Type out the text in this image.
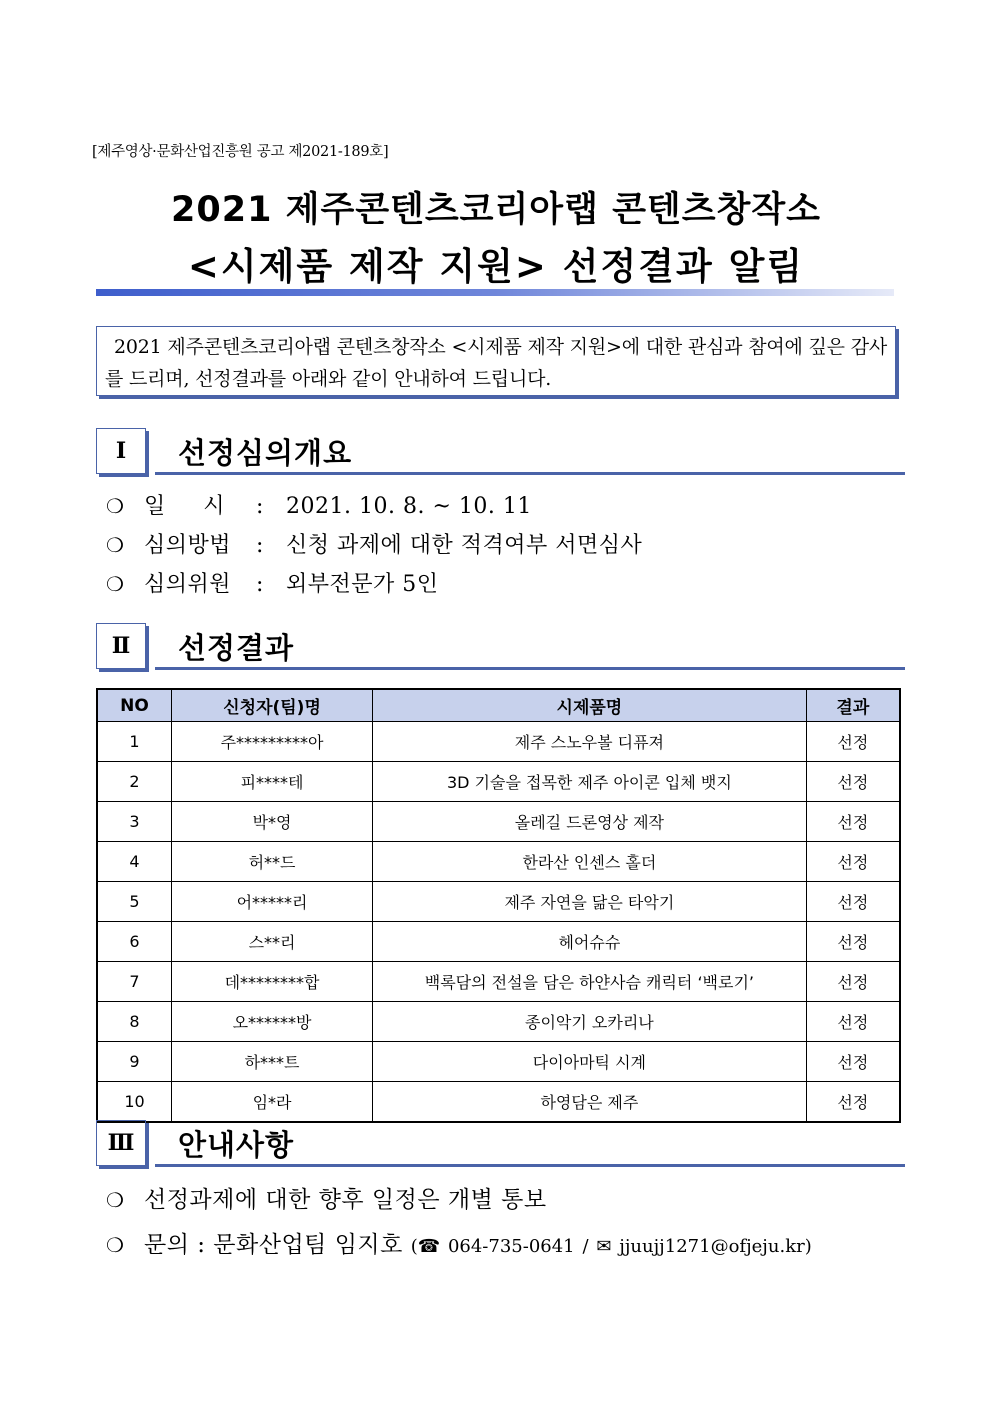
[제주영상·문화산업진흥원 공고 제2021-189호]
2021 제주콘텐츠코리아랩 콘텐츠창작소
<시제품 제작 지원> 선정결과 알림
2021 제주콘텐츠코리아랩 콘텐츠창작소 <시제품 제작 지원>에 대한 관심과 참여에 깊은 감사를 드리며, 선정결과를 아래와 같이 안내하여 드립니다.
Ⅰ	선정심의개요
❍ 일     시 : 2021. 10. 8. ~ 10. 11
❍ 심의방법 : 신청 과제에 대한 적격여부 서면심사
❍ 심의위원 : 외부전문가 5인
Ⅱ	선정결과
NO	신청자(팀)명	시제품명	결과
1	주*********아	제주 스노우볼 디퓨져	선정
2	피****테	3D 기술을 접목한 제주 아이콘 입체 뱃지	선정
3	박*영	올레길 드론영상 제작	선정
4	허**드	한라산 인센스 홀더	선정
5	어*****리	제주 자연을 닮은 타악기	선정
6	스**리	헤어슈슈	선정
7	데********합	백록담의 전설을 담은 하얀사슴 캐릭터 ‘백로기’	선정
8	오******방	종이악기 오카리나	선정
9	하***트	다이아마틱 시계	선정
10	임*라	하영담은 제주	선정
Ⅲ	안내사항
❍ 선정과제에 대한 향후 일정은 개별 통보
❍ 문의 : 문화산업팀 임지호 (☎ 064-735-0641 / ✉ jjuujj1271@ofjeju.kr)
